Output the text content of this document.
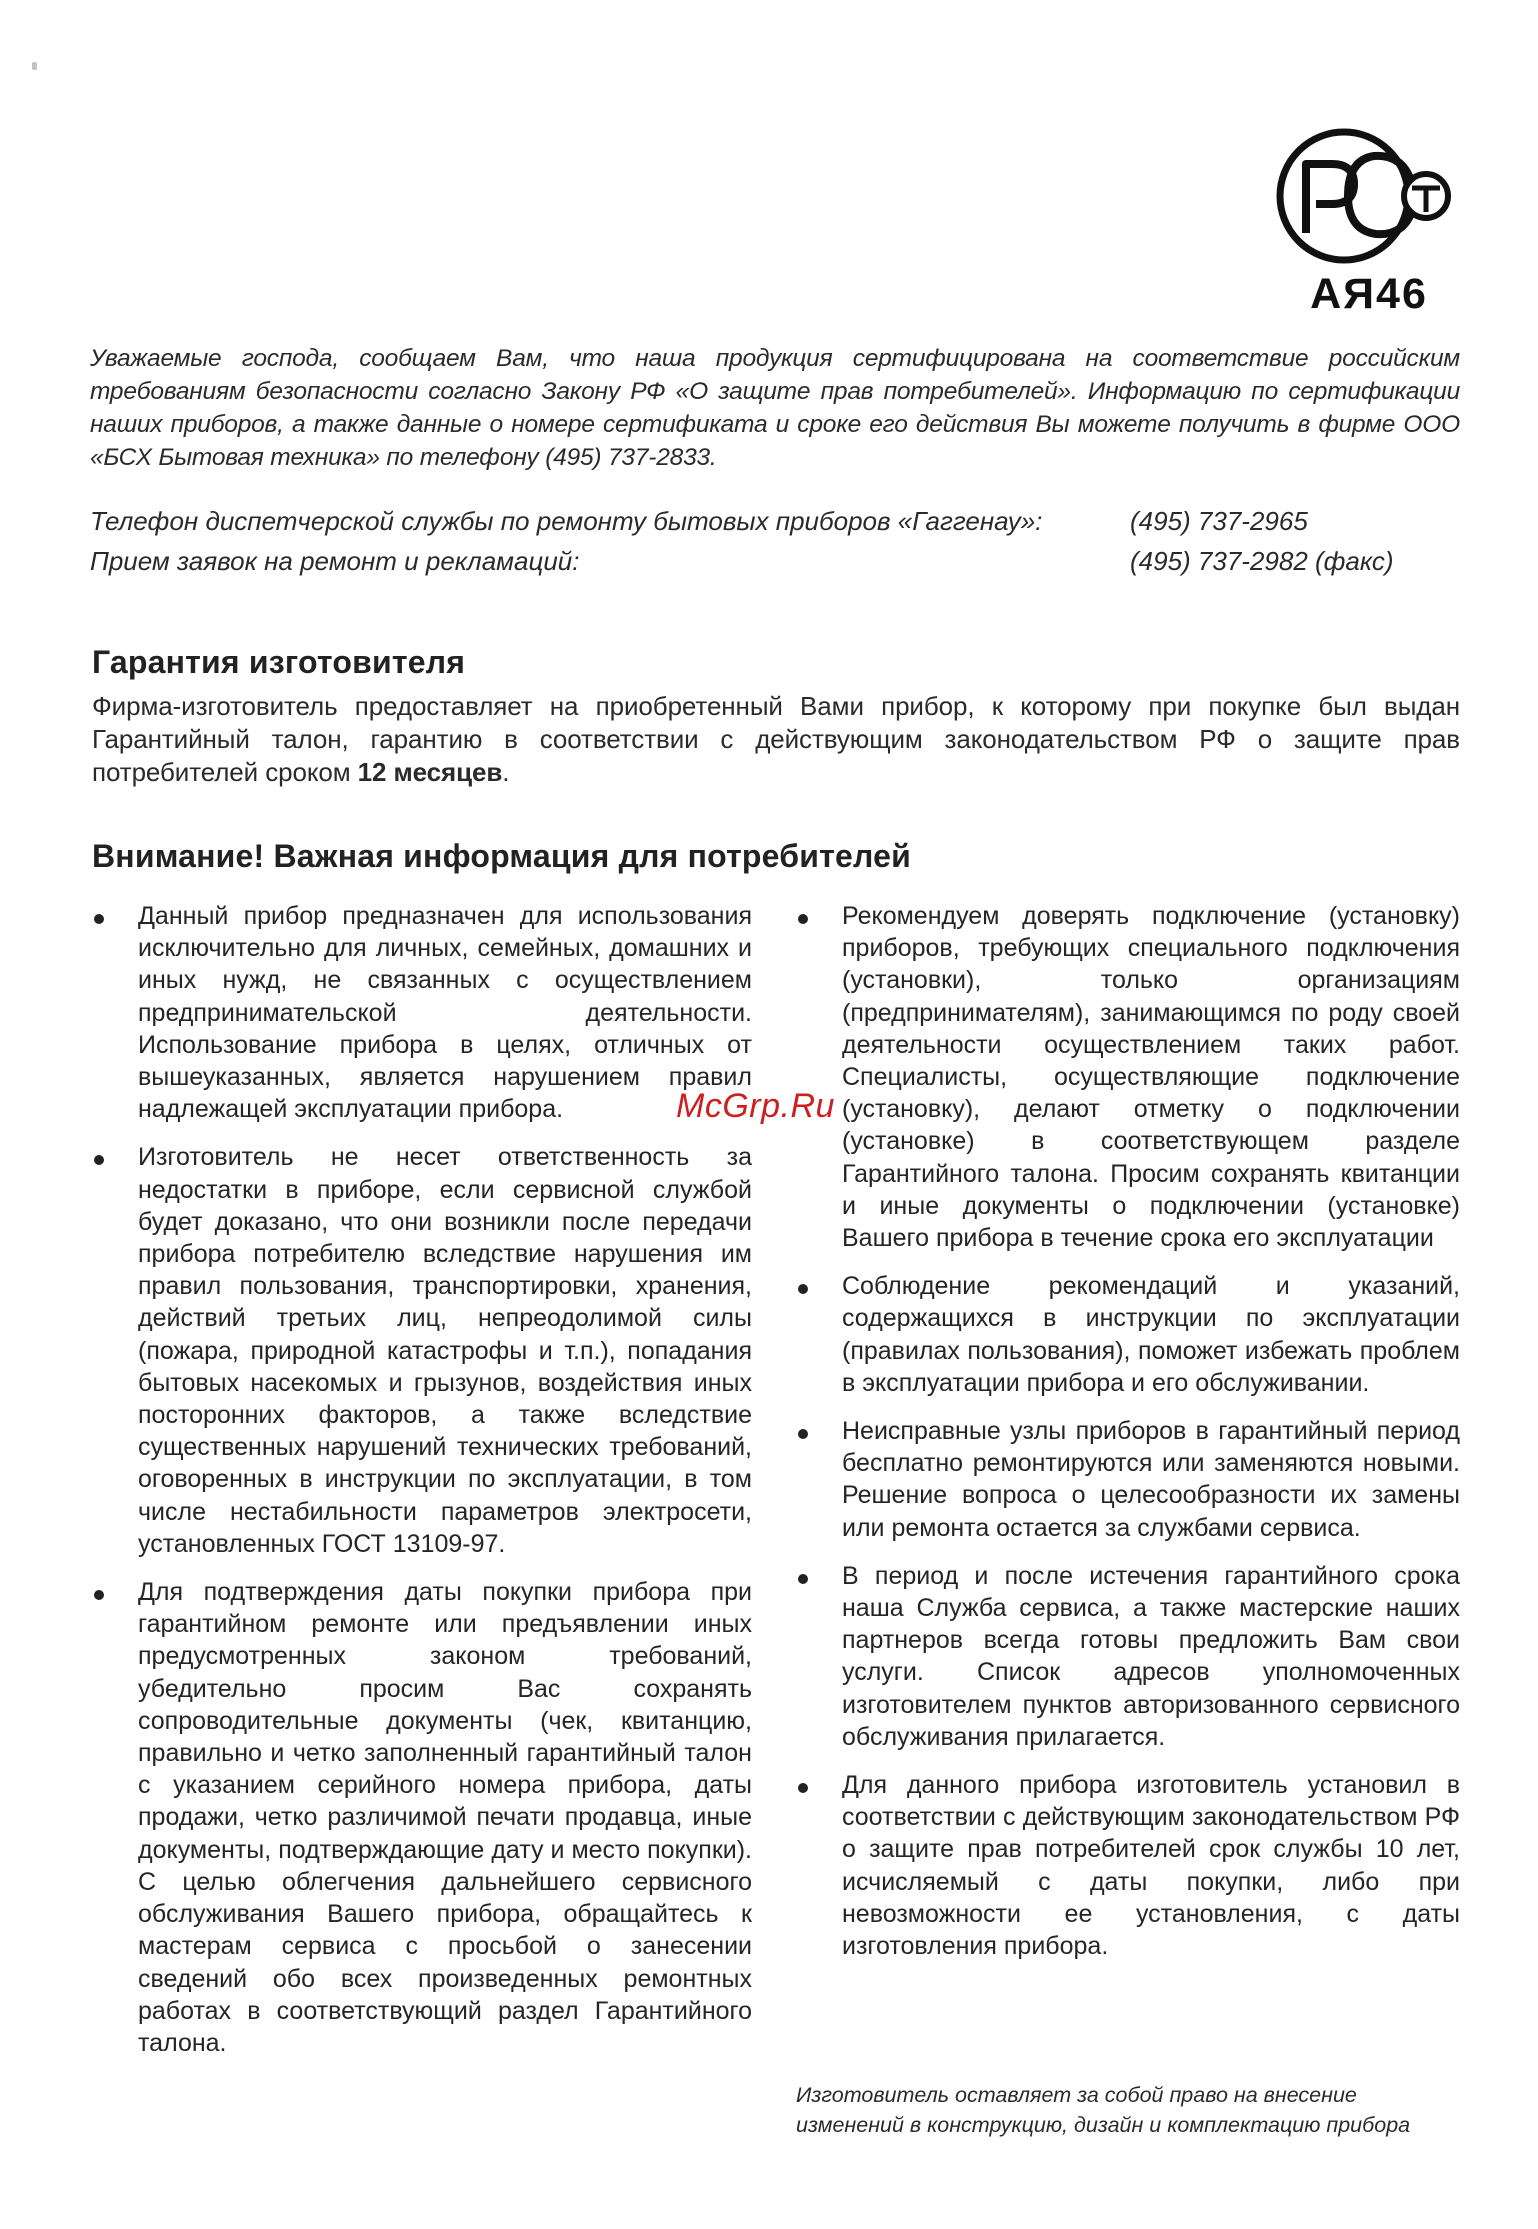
АЯ46
Уважаемые господа, сообщаем Вам, что наша продукция сертифицирована на соответствие российским требованиям безопасности согласно Закону РФ «О защите прав потребителей». Информацию по сертификации наших приборов, а также данные о номере сертификата и сроке его действия Вы можете получить в фирме ООО «БСХ Бытовая техника» по телефону (495) 737-2833.
Телефон диспетчерской службы по ремонту бытовых приборов «Гаггенау»:	(495) 737-2965
Прием заявок на ремонт и рекламаций:	(495) 737-2982 (факс)
Гарантия изготовителя
Фирма-изготовитель предоставляет на приобретенный Вами прибор, к которому при покупке был выдан Гарантийный талон, гарантию в соответствии с действующим законодательством РФ о защите прав потребителей сроком 12 месяцев.
Внимание! Важная информация для потребителей
Данный прибор предназначен для использования исключительно для личных, семейных, домашних и иных нужд, не связанных с осуществлением предпринимательской деятельности. Использование прибора в целях, отличных от вышеуказанных, является нарушением правил надлежащей эксплуатации прибора.
Изготовитель не несет ответственность за недостатки в приборе, если сервисной службой будет доказано, что они возникли после передачи прибора потребителю вследствие нарушения им правил пользования, транспортировки, хранения, действий третьих лиц, непреодолимой силы (пожара, природной катастрофы и т.п.), попадания бытовых насекомых и грызунов, воздействия иных посторонних факторов, а также вследствие существенных нарушений технических требований, оговоренных в инструкции по эксплуатации, в том числе нестабильности параметров электросети, установленных ГОСТ 13109-97.
Для подтверждения даты покупки прибора при гарантийном ремонте или предъявлении иных предусмотренных законом требований, убедительно просим Вас сохранять сопроводительные документы (чек, квитанцию, правильно и четко заполненный гарантийный талон с указанием серийного номера прибора, даты продажи, четко различимой печати продавца, иные документы, подтверждающие дату и место покупки). С целью облегчения дальнейшего сервисного обслуживания Вашего прибора, обращайтесь к мастерам сервиса с просьбой о занесении сведений обо всех произведенных ремонтных работах в соответствующий раздел Гарантийного талона.
Рекомендуем доверять подключение (установку) приборов, требующих специального подключения (установки), только организациям (предпринимателям), занимающимся по роду своей деятельности осуществлением таких работ. Специалисты, осуществляющие подключение (установку), делают отметку о подключении (установке) в соответствующем разделе Гарантийного талона. Просим сохранять квитанции и иные документы о подключении (установке) Вашего прибора в течение срока его эксплуатации
Соблюдение рекомендаций и указаний, содержащихся в инструкции по эксплуатации (правилах пользования), поможет избежать проблем в эксплуатации прибора и его обслуживании.
Неисправные узлы приборов в гарантийный период бесплатно ремонтируются или заменяются новыми. Решение вопроса о целесообразности их замены или ремонта остается за службами сервиса.
В период и после истечения гарантийного срока наша Служба сервиса, а также мастерские наших партнеров всегда готовы предложить Вам свои услуги. Список адресов уполномоченных изготовителем пунктов авторизованного сервисного обслуживания прилагается.
Для данного прибора изготовитель установил в соответствии с действующим законодательством РФ о защите прав потребителей срок службы 10 лет, исчисляемый с даты покупки, либо при невозможности ее установления, с даты изготовления прибора.
Изготовитель оставляет за собой право на внесение изменений в конструкцию, дизайн и комплектацию прибора
McGrp.Ru
